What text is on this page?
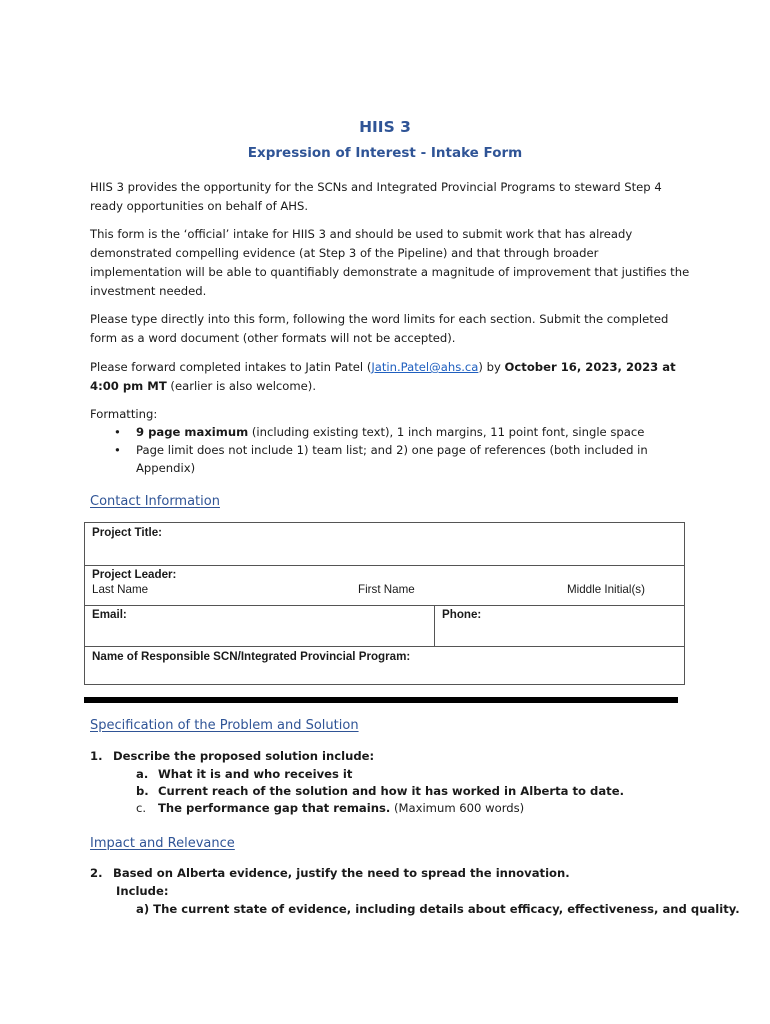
HIIS 3
Expression of Interest - Intake Form
HIIS 3 provides the opportunity for the SCNs and Integrated Provincial Programs to steward Step 4 ready opportunities on behalf of AHS.
This form is the ‘official’ intake for HIIS 3 and should be used to submit work that has already demonstrated compelling evidence (at Step 3 of the Pipeline) and that through broader implementation will be able to quantifiably demonstrate a magnitude of improvement that justifies the investment needed.
Please type directly into this form, following the word limits for each section. Submit the completed form as a word document (other formats will not be accepted).
Please forward completed intakes to Jatin Patel (Jatin.Patel@ahs.ca) by October 16, 2023, 2023 at 4:00 pm MT (earlier is also welcome).
Formatting:
• 9 page maximum (including existing text), 1 inch margins, 11 point font, single space
• Page limit does not include 1) team list; and 2) one page of references (both included in Appendix)
Contact Information
Project Title:
Project Leader:
Last Name	First Name	Middle Initial(s)
Email:	Phone:
Name of Responsible SCN/Integrated Provincial Program:
Specification of the Problem and Solution
1. Describe the proposed solution include:
a. What it is and who receives it
b. Current reach of the solution and how it has worked in Alberta to date.
c. The performance gap that remains. (Maximum 600 words)
Impact and Relevance
2. Based on Alberta evidence, justify the need to spread the innovation.
Include:
a) The current state of evidence, including details about efficacy, effectiveness, and quality.
